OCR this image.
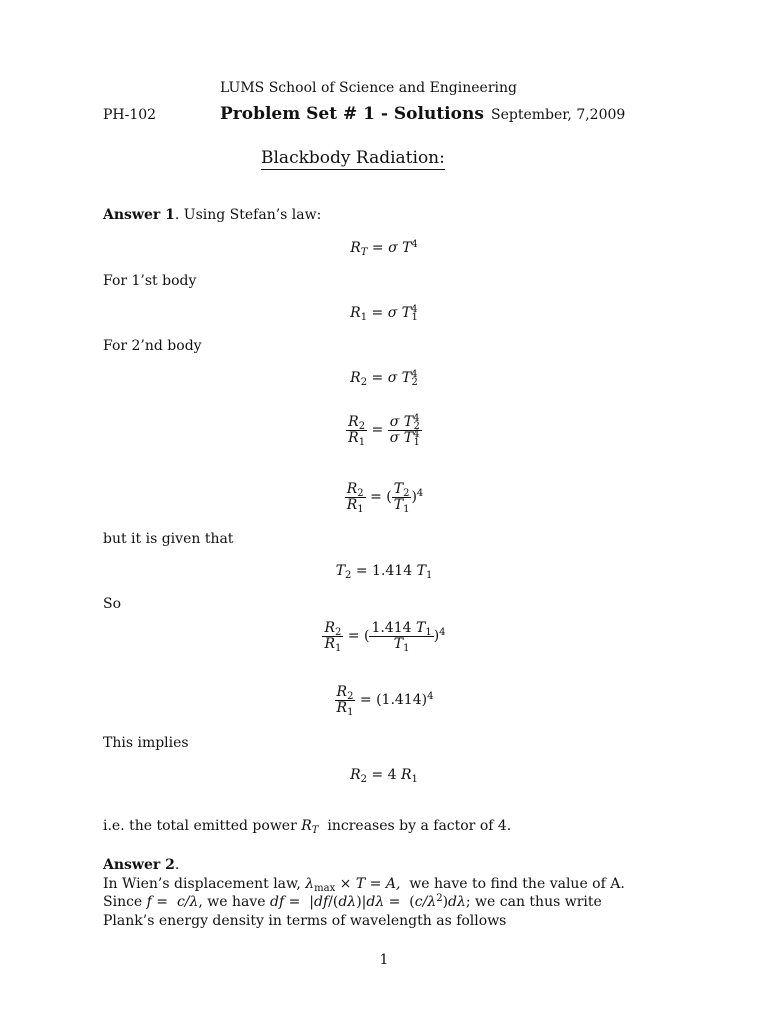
LUMS School of Science and Engineering
PH-102	Problem Set # 1 - Solutions September, 7,2009
Blackbody Radiation:
Answer 1. Using Stefan’s law:
$R_T = \sigma$ $T^4$
For 1’st body
$R_1 = \sigma$ $T^4_1$
For 2’nd body
$R_2 = \sigma$ $T^4_2$
$\frac{R_2}{R_1} = \frac{\sigma T^4_2}{\sigma T^4_1}$
$\frac{R_2}{R_1}$ = ( $\frac{T_2}{T_1} )^4$
but it is given that
$T_2 = 1.414$ $T_1$
So
$\frac{R_2}{R_1}$ = ( $\frac{1.414 T_1}{T_1} )^4$
$\frac{R_2}{R_1} = (1.414)^4$
This implies
$R_2 = 4$ $R_1$
i.e. the total emitted power $R_T$ increases by a factor of 4.
Answer 2.
In Wien’s displacement law, $\lambda_{max} \times T = A$, we have to find the value of A.
Since f =  c/λ, we have df =  $|df/(d\lambda)|d\lambda = (c/\lambda^2)d\lambda$; we can thus write
Plank’s energy density in terms of wavelength as follows
1
